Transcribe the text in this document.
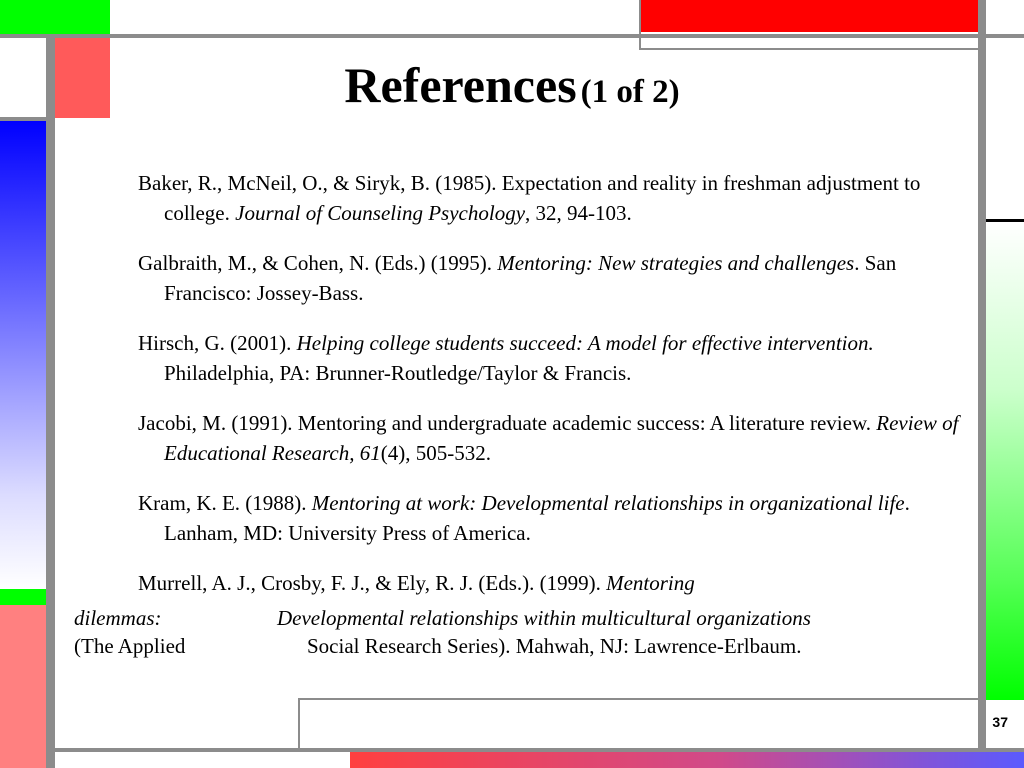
References (1 of 2)

Baker, R., McNeil, O., & Siryk, B. (1985). Expectation and reality in freshman adjustment to college. Journal of Counseling Psychology, 32, 94-103.

Galbraith, M., & Cohen, N. (Eds.) (1995). Mentoring: New strategies and challenges. San Francisco: Jossey-Bass.

Hirsch, G. (2001). Helping college students succeed: A model for effective intervention. Philadelphia, PA: Brunner-Routledge/Taylor & Francis.

Jacobi, M. (1991). Mentoring and undergraduate academic success: A literature review. Review of Educational Research, 61(4), 505-532.

Kram, K. E. (1988). Mentoring at work: Developmental relationships in organizational life. Lanham, MD: University Press of America.

Murrell, A. J., Crosby, F. J., & Ely, R. J. (Eds.). (1999). Mentoring

dilemmas:	Developmental relationships within multicultural organizations
(The Applied	Social Research Series). Mahwah, NJ: Lawrence-Erlbaum.
37
